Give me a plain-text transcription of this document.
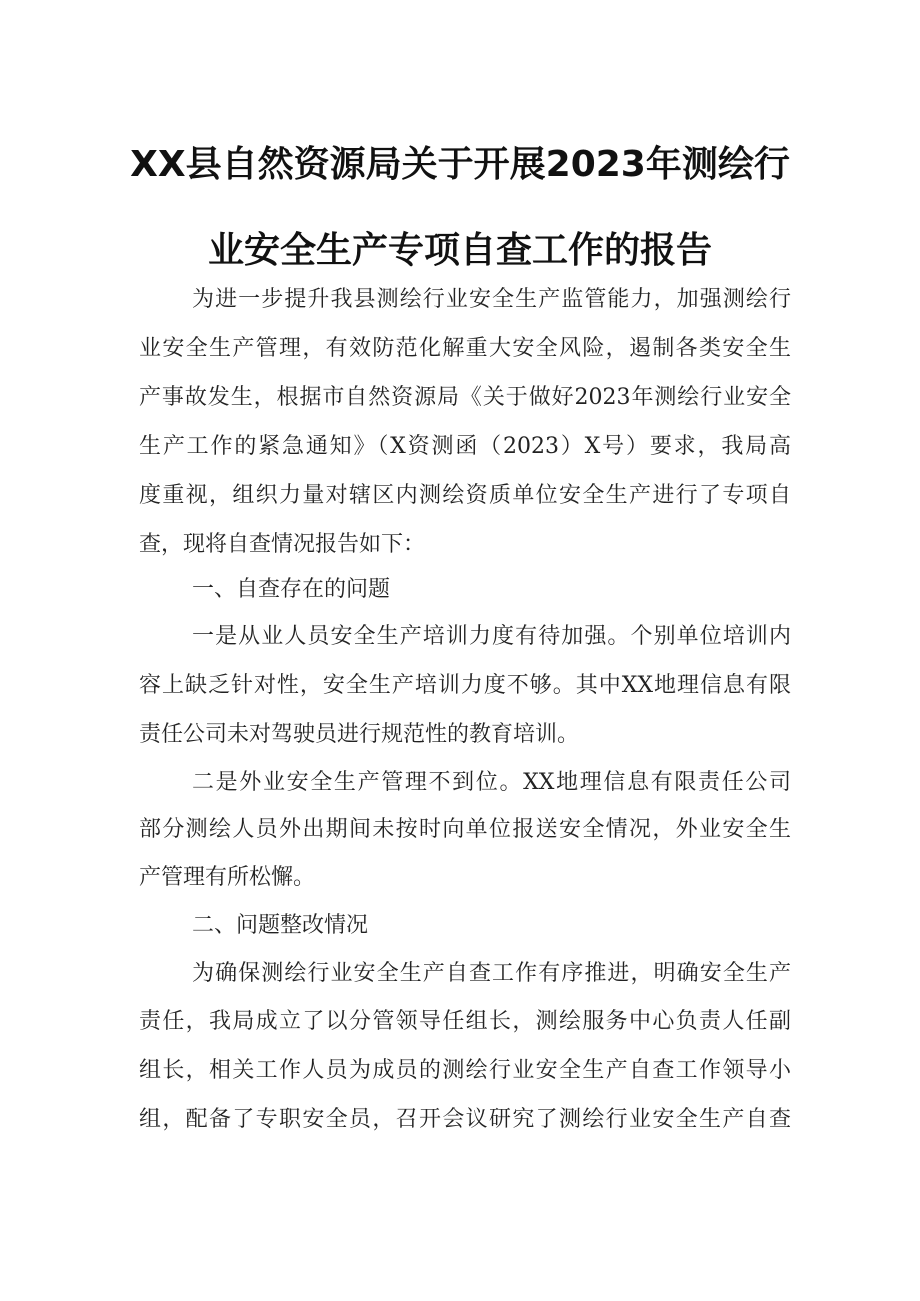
XX县自然资源局关于开展2023年测绘行
业安全生产专项自查工作的报告
为进一步提升我县测绘行业安全生产监管能力，加强测绘行
业安全生产管理，有效防范化解重大安全风险，遏制各类安全生
产事故发生，根据市自然资源局《关于做好2023年测绘行业安全
生产工作的紧急通知》（X资测函（2023）X号）要求，我局高
度重视，组织力量对辖区内测绘资质单位安全生产进行了专项自
查，现将自查情况报告如下：
一、自查存在的问题
一是从业人员安全生产培训力度有待加强。个别单位培训内
容上缺乏针对性，安全生产培训力度不够。其中XX地理信息有限
责任公司未对驾驶员进行规范性的教育培训。
二是外业安全生产管理不到位。XX地理信息有限责任公司
部分测绘人员外出期间未按时向单位报送安全情况，外业安全生
产管理有所松懈。
二、问题整改情况
为确保测绘行业安全生产自查工作有序推进，明确安全生产
责任，我局成立了以分管领导任组长，测绘服务中心负责人任副
组长，相关工作人员为成员的测绘行业安全生产自查工作领导小
组，配备了专职安全员，召开会议研究了测绘行业安全生产自查
